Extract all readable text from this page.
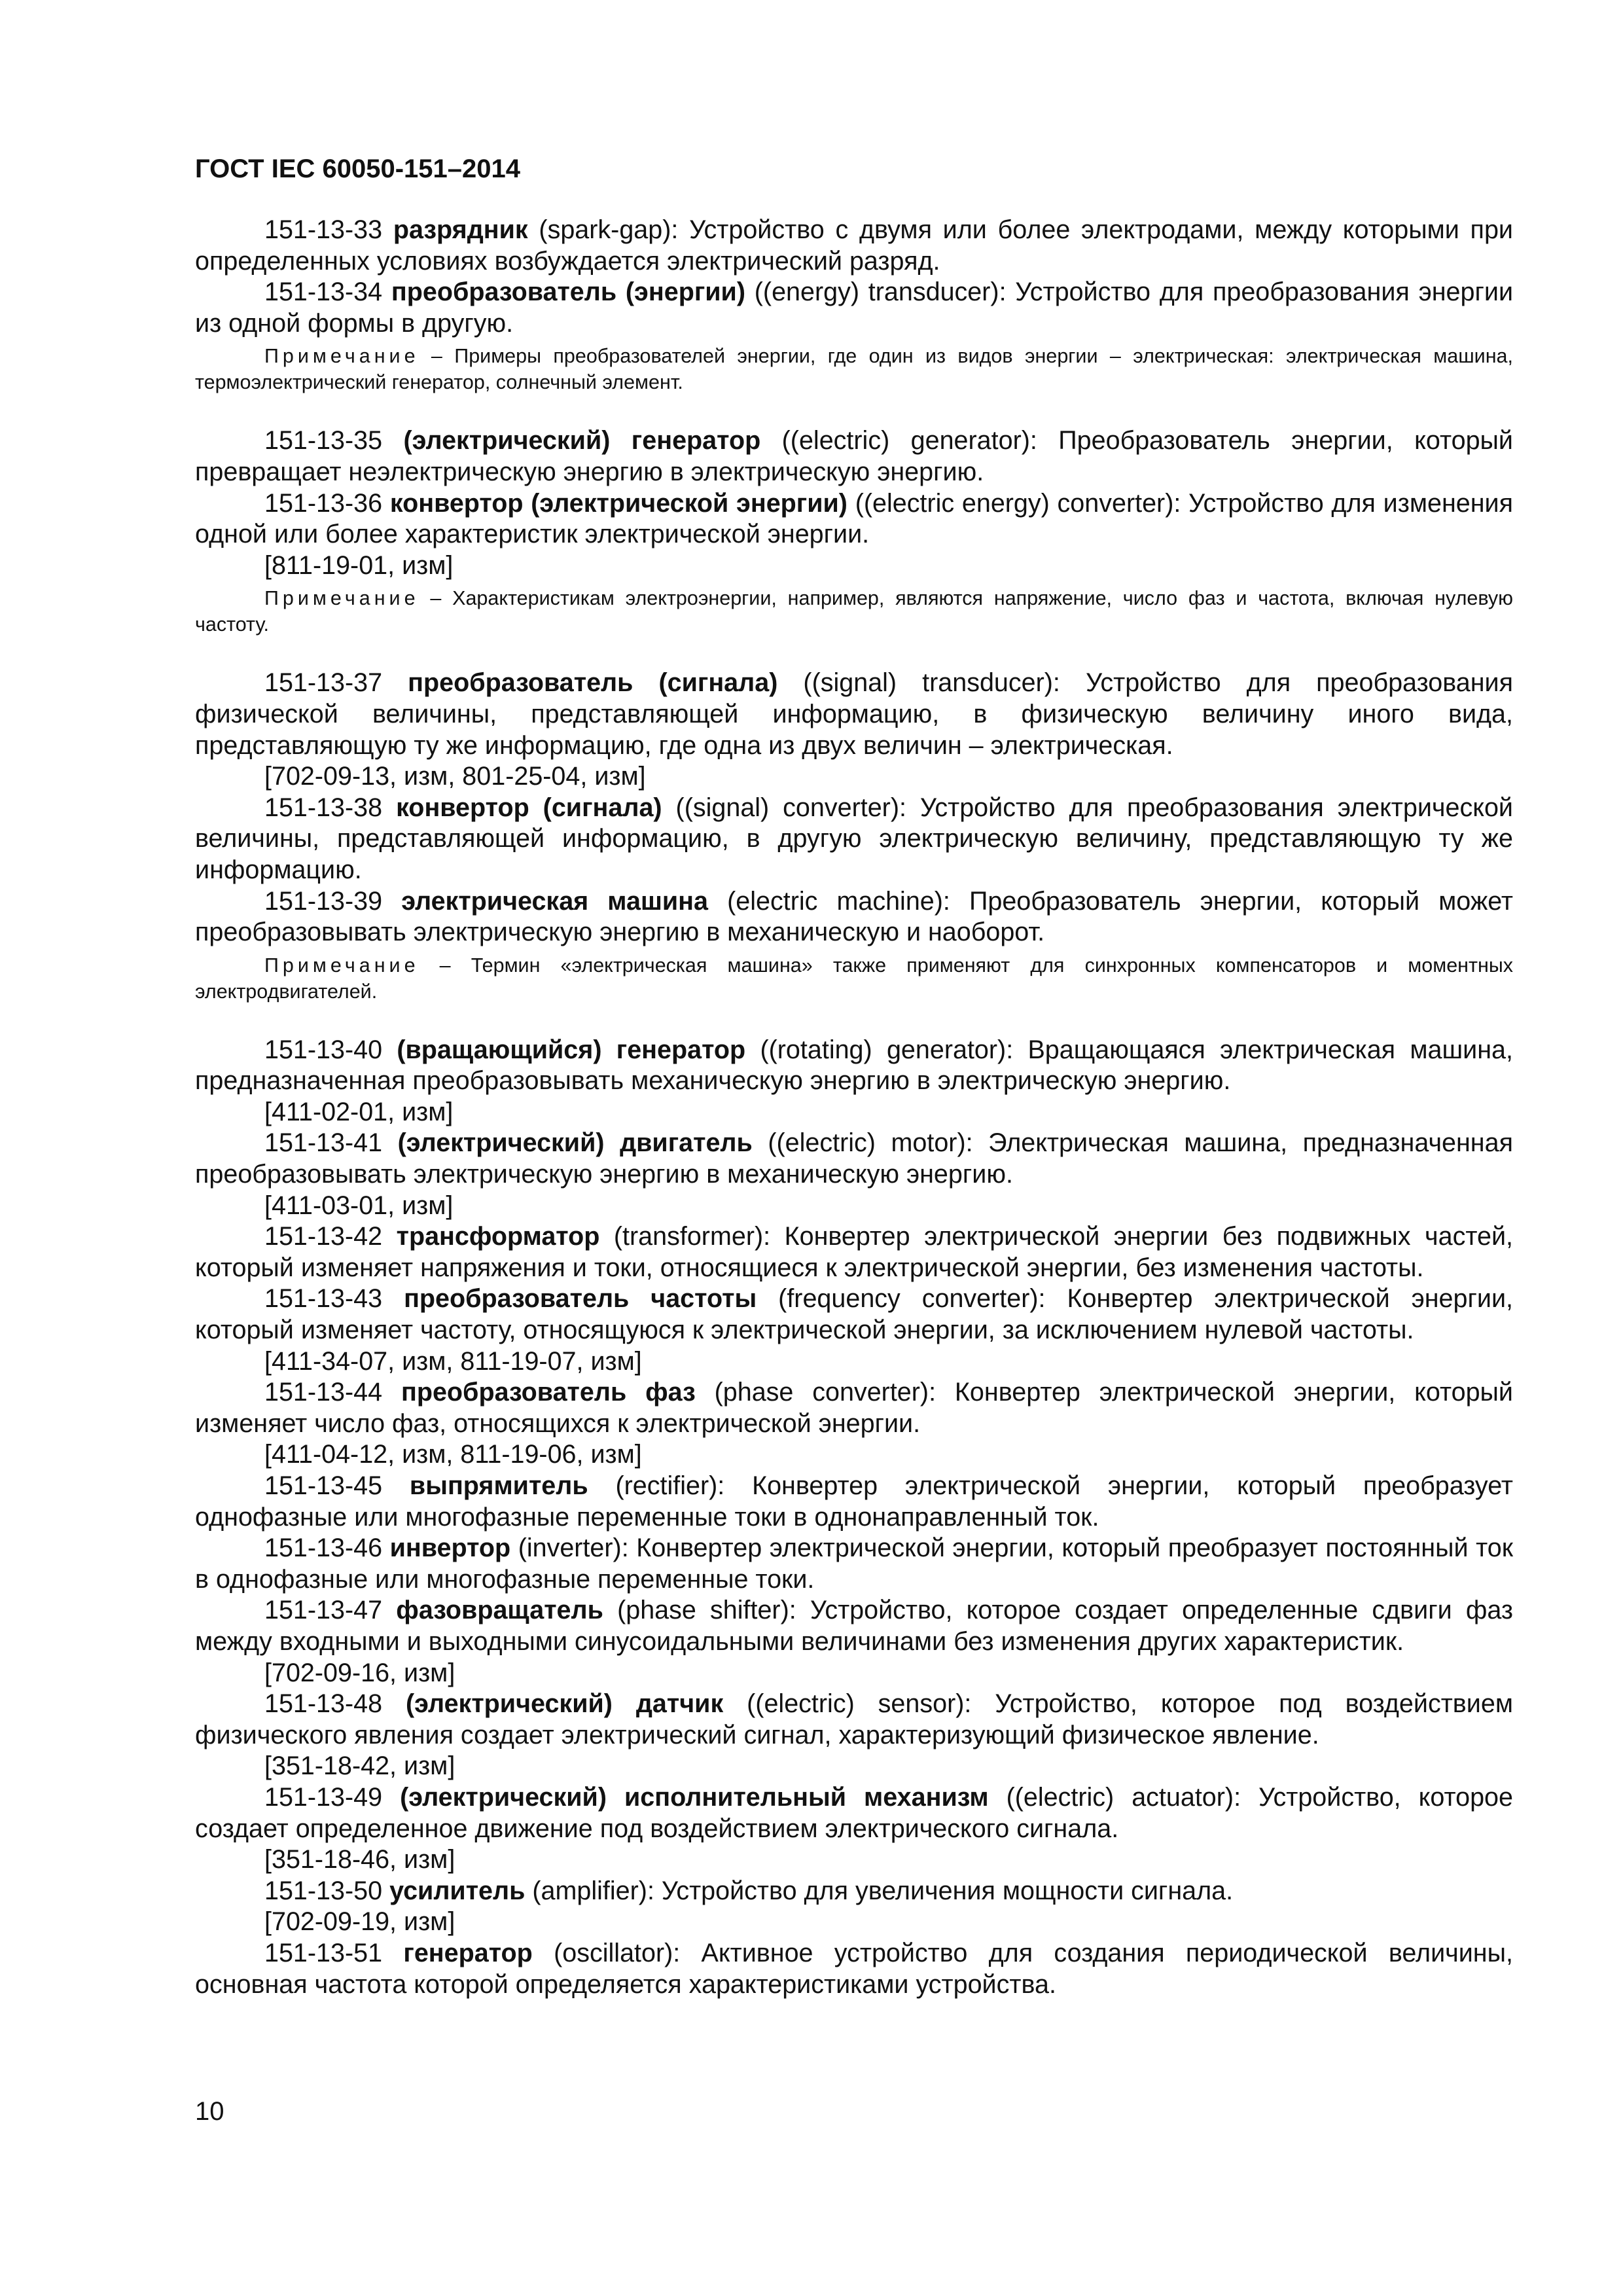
ГОСТ IEC 60050-151–2014

151-13-33 разрядник (spark-gap): Устройство с двумя или более электродами, между которыми при определенных условиях возбуждается электрический разряд.

151-13-34 преобразователь (энергии) ((energy) transducer): Устройство для преобразования энергии из одной формы в другую.

Примечание – Примеры преобразователей энергии, где один из видов энергии – электрическая: электрическая машина, термоэлектрический генератор, солнечный элемент.

151-13-35 (электрический) генератор ((electric) generator): Преобразователь энергии, который превращает неэлектрическую энергию в электрическую энергию.

151-13-36 конвертор (электрической энергии) ((electric energy) converter): Устройство для изменения одной или более характеристик электрической энергии.

[811-19-01, изм]

Примечание – Характеристикам электроэнергии, например, являются напряжение, число фаз и частота, включая нулевую частоту.

151-13-37 преобразователь (сигнала) ((signal) transducer): Устройство для преобразования физической величины, представляющей информацию, в физическую величину иного вида, представляющую ту же информацию, где одна из двух величин – электрическая.

[702-09-13, изм, 801-25-04, изм]

151-13-38 конвертор (сигнала) ((signal) converter): Устройство для преобразования электрической величины, представляющей информацию, в другую электрическую величину, представляющую ту же информацию.

151-13-39 электрическая машина (electric machine): Преобразователь энергии, который может преобразовывать электрическую энергию в механическую и наоборот.

Примечание – Термин «электрическая машина» также применяют для синхронных компенсаторов и моментных электродвигателей.

151-13-40 (вращающийся) генератор ((rotating) generator): Вращающаяся электрическая машина, предназначенная преобразовывать механическую энергию в электрическую энергию.

[411-02-01, изм]

151-13-41 (электрический) двигатель ((electric) motor): Электрическая машина, предназначенная преобразовывать электрическую энергию в механическую энергию.

[411-03-01, изм]

151-13-42 трансформатор (transformer): Конвертер электрической энергии без подвижных частей, который изменяет напряжения и токи, относящиеся к электрической энергии, без изменения частоты.

151-13-43 преобразователь частоты (frequency converter): Конвертер электрической энергии, который изменяет частоту, относящуюся к электрической энергии, за исключением нулевой частоты.

[411-34-07, изм, 811-19-07, изм]

151-13-44 преобразователь фаз (phase converter): Конвертер электрической энергии, который изменяет число фаз, относящихся к электрической энергии.

[411-04-12, изм, 811-19-06, изм]

151-13-45 выпрямитель (rectifier): Конвертер электрической энергии, который преобразует однофазные или многофазные переменные токи в однонаправленный ток.

151-13-46 инвертор (inverter): Конвертер электрической энергии, который преобразует постоянный ток в однофазные или многофазные переменные токи.

151-13-47 фазовращатель (phase shifter): Устройство, которое создает определенные сдвиги фаз между входными и выходными синусоидальными величинами без изменения других характеристик.

[702-09-16, изм]

151-13-48 (электрический) датчик ((electric) sensor): Устройство, которое под воздействием физического явления создает электрический сигнал, характеризующий физическое явление.

[351-18-42, изм]

151-13-49 (электрический) исполнительный механизм ((electric) actuator): Устройство, которое создает определенное движение под воздействием электрического сигнала.

[351-18-46, изм]

151-13-50 усилитель (amplifier): Устройство для увеличения мощности сигнала.

[702-09-19, изм]

151-13-51 генератор (oscillator): Активное устройство для создания периодической величины, основная частота которой определяется характеристиками устройства.

10
